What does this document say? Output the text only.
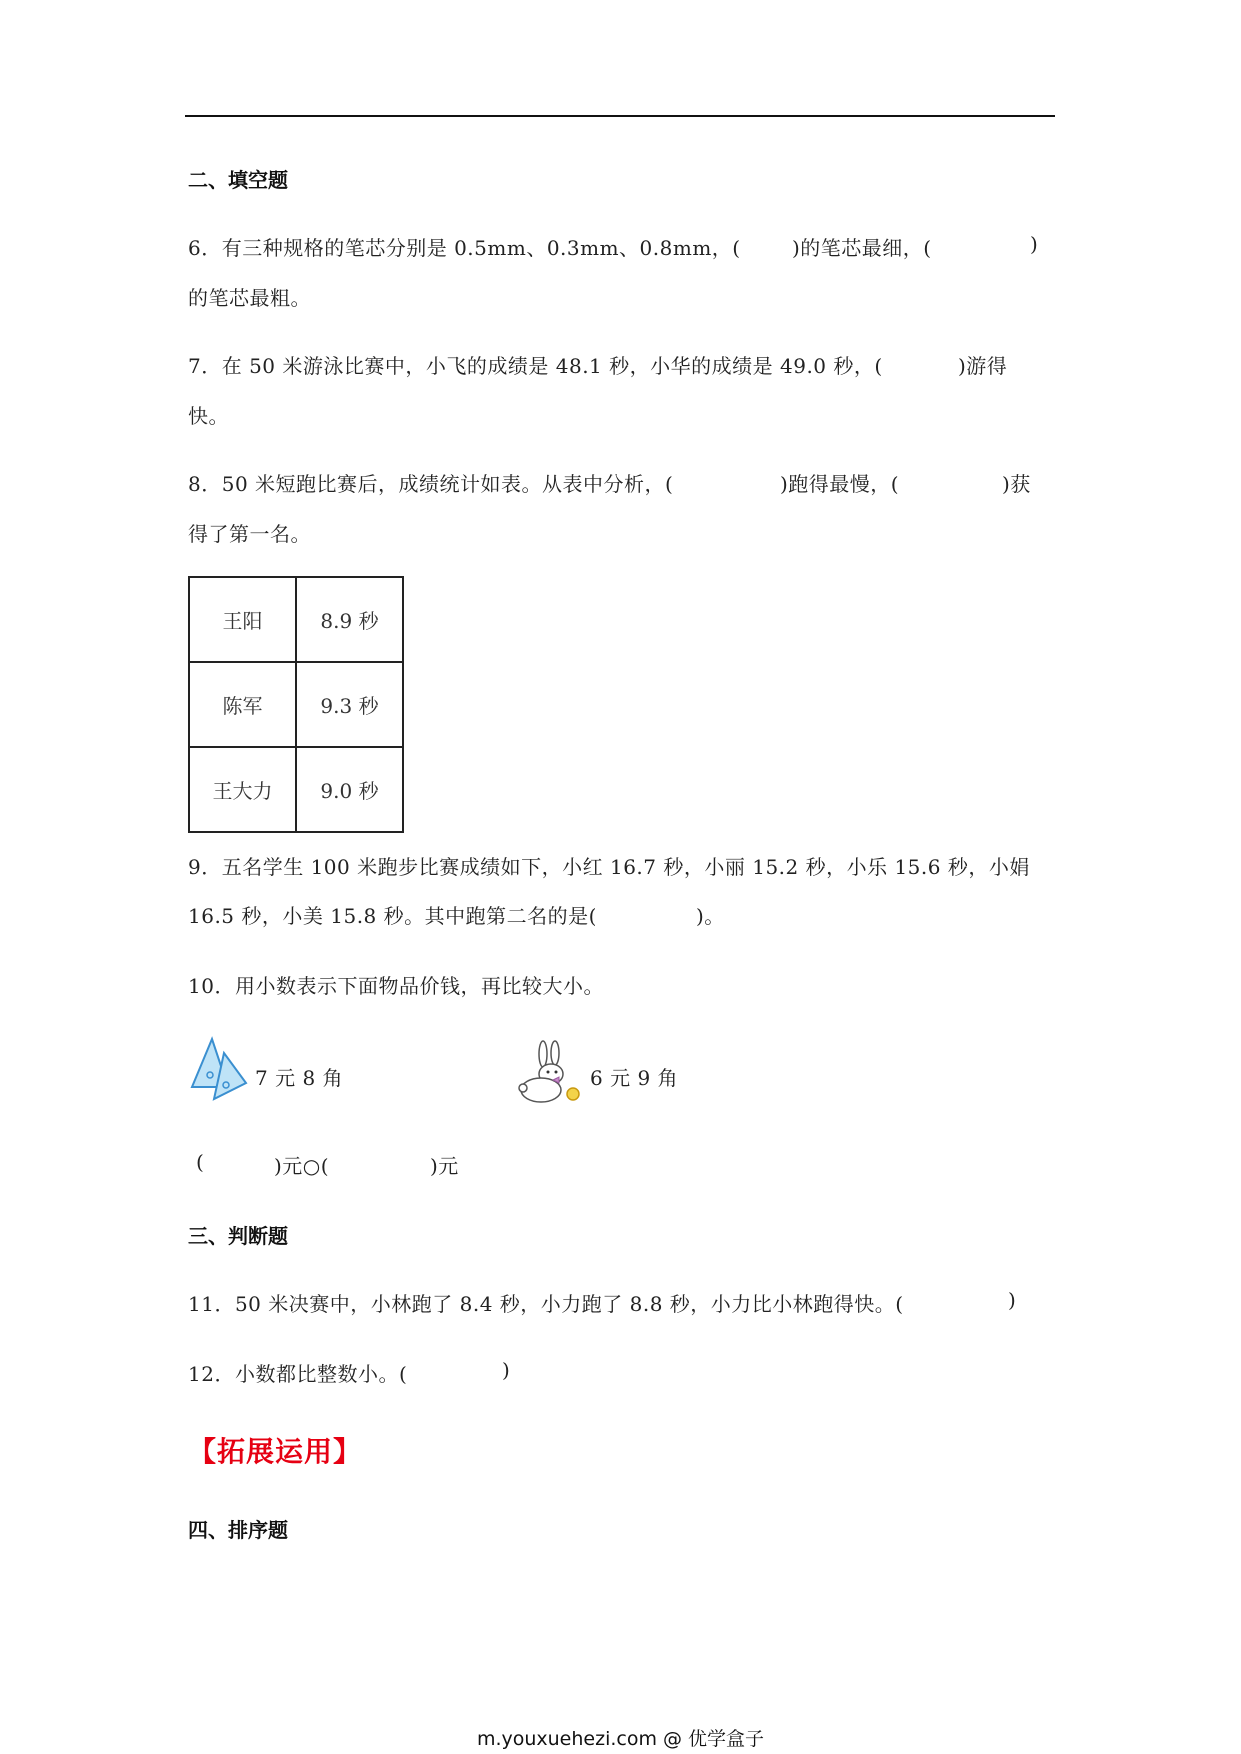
二、填空题
6．有三种规格的笔芯分别是 0.5mm、0.3mm、0.8mm，(	)的笔芯最细，(	)
的笔芯最粗。
7．在 50 米游泳比赛中，小飞的成绩是 48.1 秒，小华的成绩是 49.0 秒，(	)游得
快。
8．50 米短跑比赛后，成绩统计如表。从表中分析，(	)跑得最慢，(	)获
得了第一名。
王阳	8.9 秒
陈军	9.3 秒
王大力	9.0 秒
9．五名学生 100 米跑步比赛成绩如下，小红 16.7 秒，小丽 15.2 秒，小乐 15.6 秒，小娟
16.5 秒，小美 15.8 秒。其中跑第二名的是(	)。
10．用小数表示下面物品价钱，再比较大小。
7 元 8 角	6 元 9 角
(	)元○(	)元
三、判断题
11．50 米决赛中，小林跑了 8.4 秒，小力跑了 8.8 秒，小力比小林跑得快。(	)
12．小数都比整数小。(	)
【拓展运用】
四、排序题
m.youxuehezi.com @ 优学盒子
